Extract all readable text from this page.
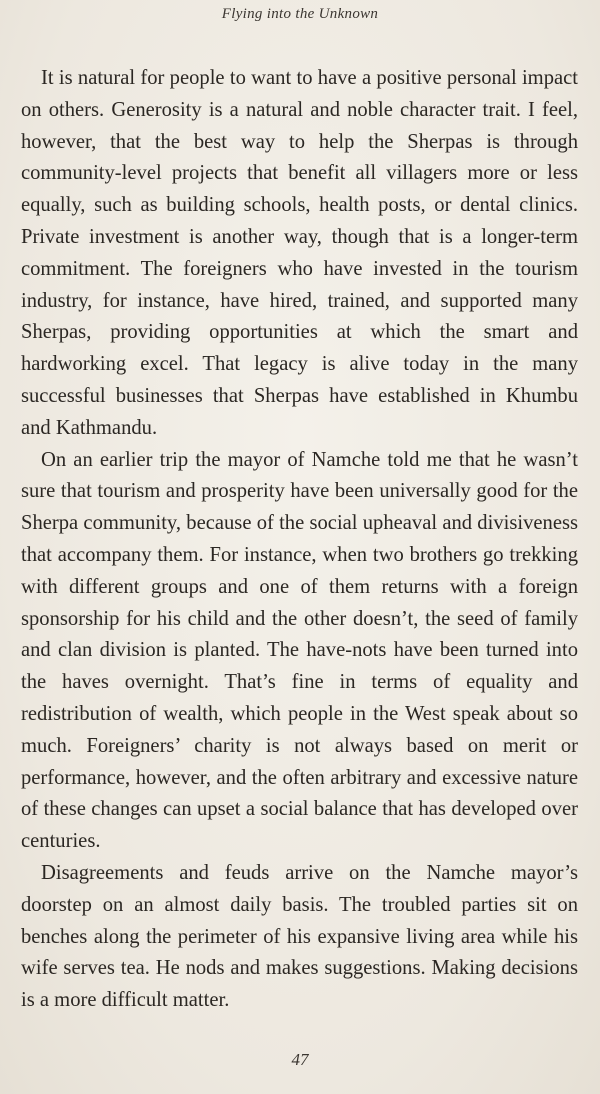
Flying into the Unknown

It is natural for people to want to have a positive personal impact on others. Generosity is a natural and noble character trait. I feel, however, that the best way to help the Sherpas is through community-level projects that benefit all villagers more or less equally, such as building schools, health posts, or dental clinics. Private investment is another way, though that is a longer-term commitment. The foreigners who have invested in the tourism industry, for instance, have hired, trained, and supported many Sherpas, providing opportunities at which the smart and hardworking excel. That legacy is alive today in the many successful businesses that Sherpas have established in Khumbu and Kathmandu.

On an earlier trip the mayor of Namche told me that he wasn’t sure that tourism and prosperity have been universally good for the Sherpa community, because of the social upheaval and divisiveness that accompany them. For instance, when two brothers go trekking with different groups and one of them returns with a foreign sponsorship for his child and the other doesn’t, the seed of family and clan division is planted. The have-nots have been turned into the haves overnight. That’s fine in terms of equality and redistribution of wealth, which people in the West speak about so much. Foreigners’ charity is not always based on merit or performance, however, and the often arbitrary and excessive nature of these changes can upset a social balance that has developed over centuries.

Disagreements and feuds arrive on the Namche mayor’s doorstep on an almost daily basis. The troubled parties sit on benches along the perimeter of his expansive living area while his wife serves tea. He nods and makes suggestions. Making decisions is a more difficult matter.

47
